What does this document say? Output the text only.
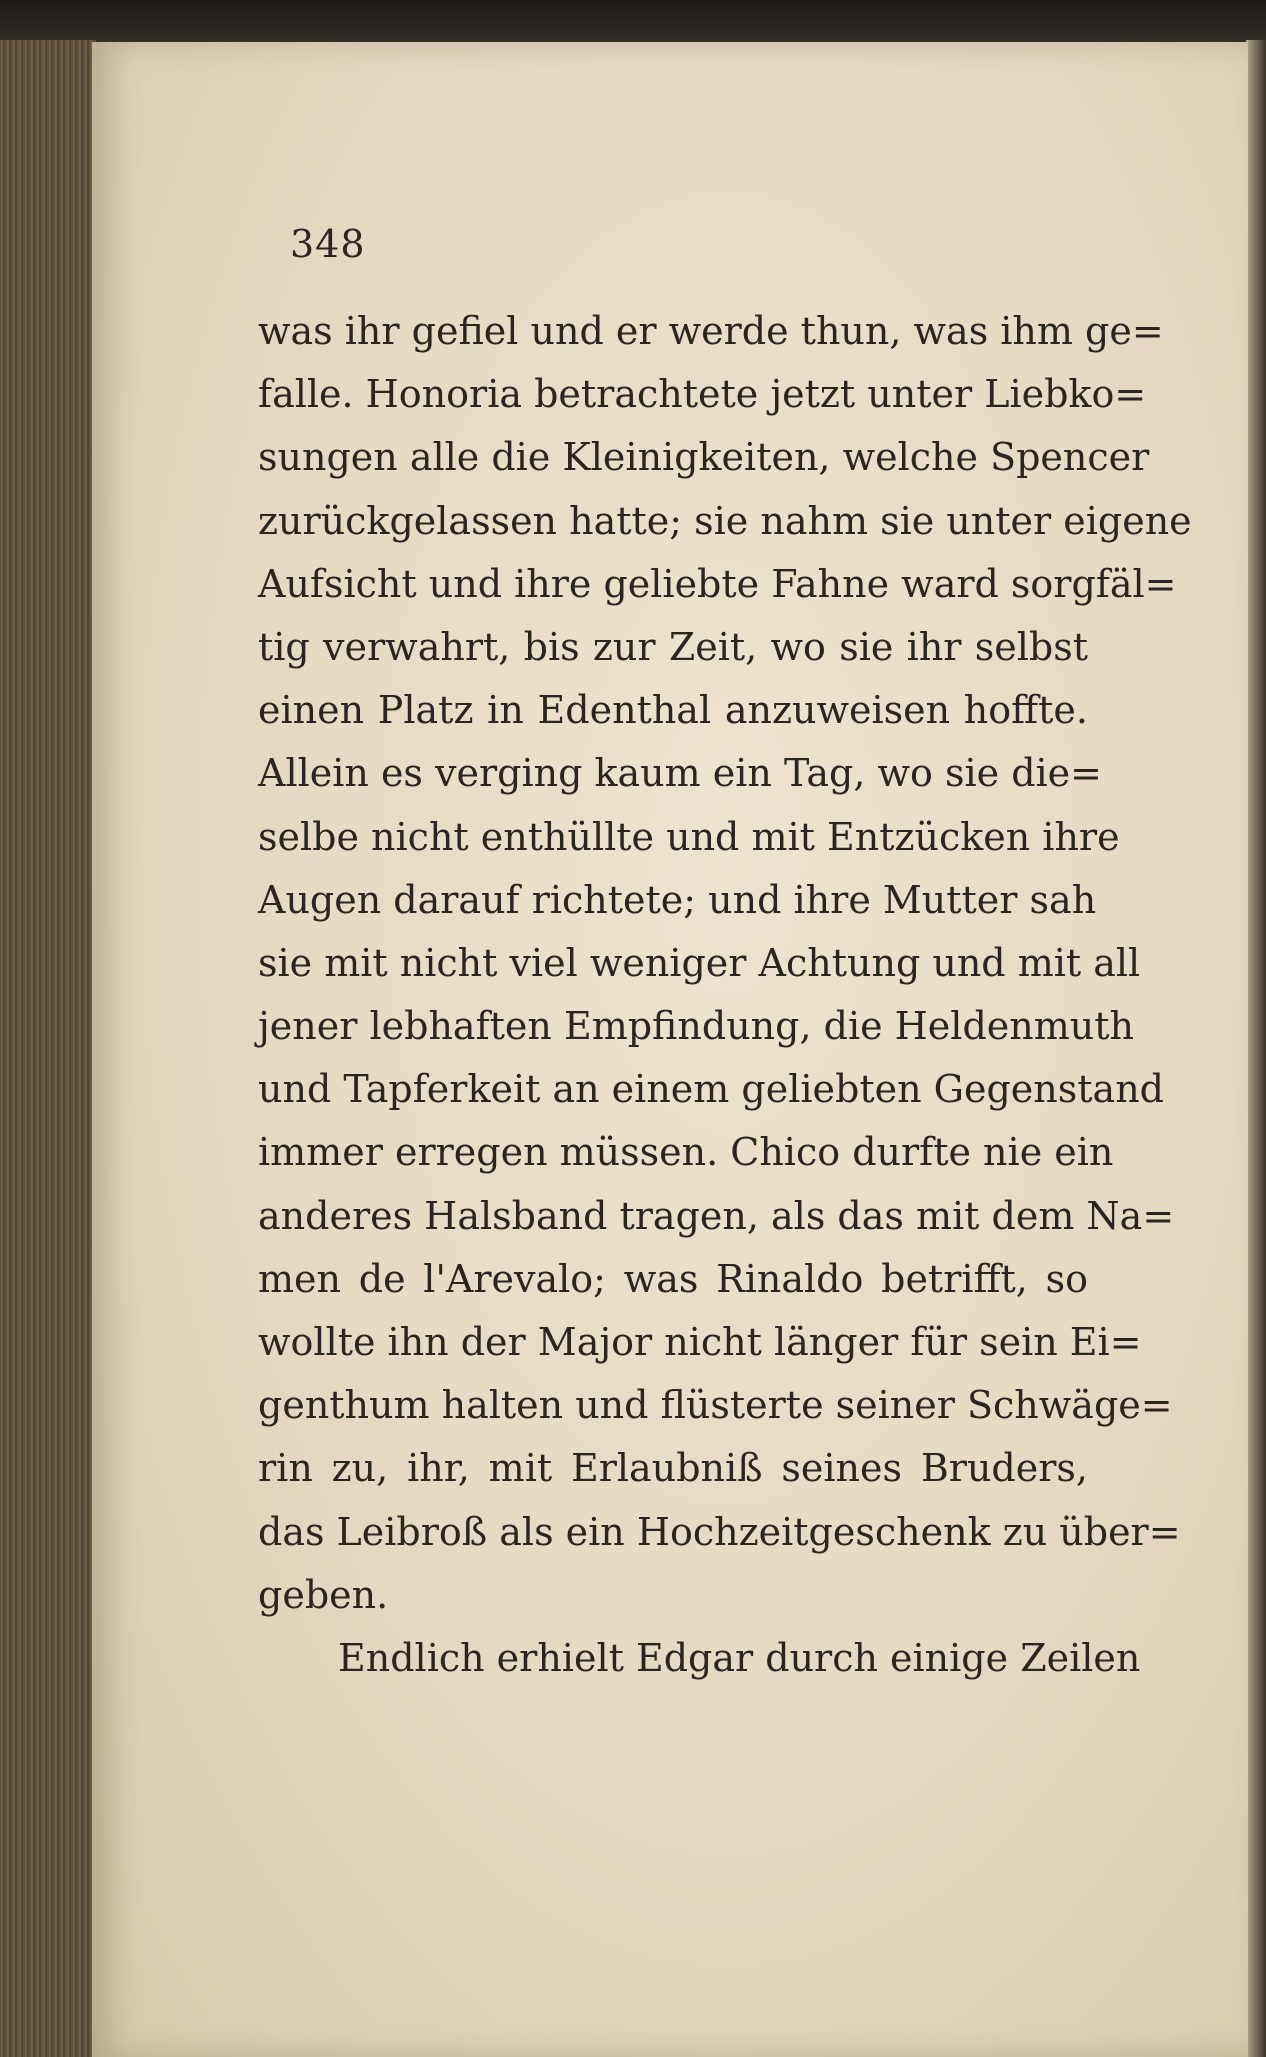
348
was ihr gefiel und er werde thun, was ihm ge=
falle. Honoria betrachtete jetzt unter Liebko=
sungen alle die Kleinigkeiten, welche Spencer
zurückgelassen hatte; sie nahm sie unter eigene
Aufsicht und ihre geliebte Fahne ward sorgfäl=
tig verwahrt, bis zur Zeit, wo sie ihr selbst
einen Platz in Edenthal anzuweisen hoffte.
Allein es verging kaum ein Tag, wo sie die=
selbe nicht enthüllte und mit Entzücken ihre
Augen darauf richtete; und ihre Mutter sah
sie mit nicht viel weniger Achtung und mit all
jener lebhaften Empfindung, die Heldenmuth
und Tapferkeit an einem geliebten Gegenstand
immer erregen müssen. Chico durfte nie ein
anderes Halsband tragen, als das mit dem Na=
men de l'Arevalo; was Rinaldo betrifft, so
wollte ihn der Major nicht länger für sein Ei=
genthum halten und flüsterte seiner Schwäge=
rin zu, ihr, mit Erlaubniß seines Bruders,
das Leibroß als ein Hochzeitgeschenk zu über=
geben.
Endlich erhielt Edgar durch einige Zeilen
